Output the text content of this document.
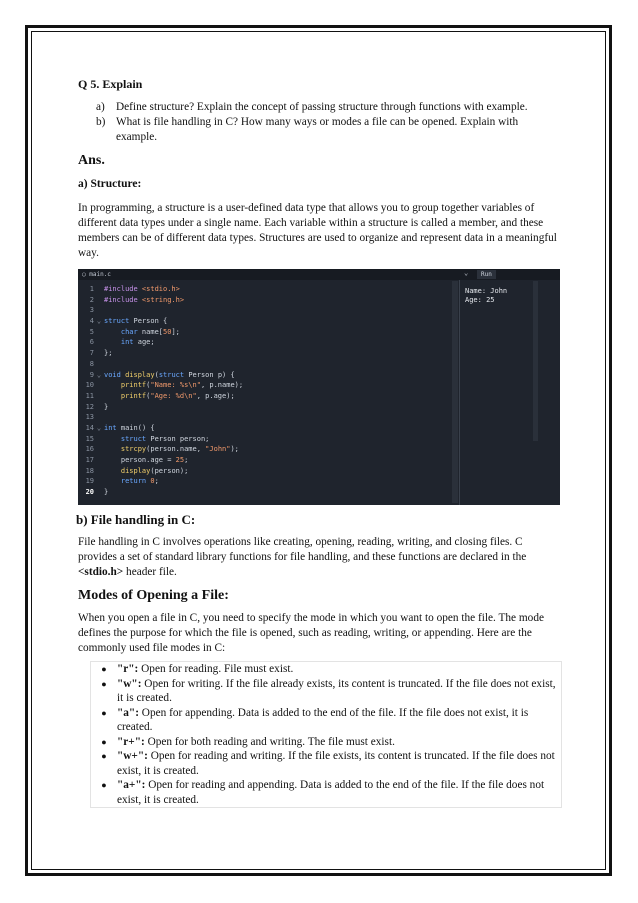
Q 5. Explain
a) Define structure? Explain the concept of passing structure through functions with example.
b) What is file handling in C? How many ways or modes a file can be opened. Explain with example.
Ans.
a) Structure:

In programming, a structure is a user-defined data type that allows you to group together variables of different data types under a single name. Each variable within a structure is called a member, and these members can be of different data types. Structures are used to organize and represent data in a meaningful way.

◯ main.c	⌄	Run
1 #include <stdio.h>
2 #include <string.h>
3
4 ⌄ struct Person {
5	char name[50];
6	int age;
7 };
8
9 ⌄ void display(struct Person p) {
10	printf("Name: %s\n", p.name);
11	printf("Age: %d\n", p.age);
12 }
13
14 ⌄ int main() {
15	struct Person person;
16	strcpy(person.name, "John");
17 person.age = 25;
18	display(person);
19	return 0;
20 }
Name: John
Age: 25
b) File handling in C:

File handling in C involves operations like creating, opening, reading, writing, and closing files. C provides a set of standard library functions for file handling, and these functions are declared in the <stdio.h> header file.

Modes of Opening a File:

When you open a file in C, you need to specify the mode in which you want to open the file. The mode defines the purpose for which the file is opened, such as reading, writing, or appending. Here are the commonly used file modes in C:

● "r": Open for reading. File must exist.
● "w": Open for writing. If the file already exists, its content is truncated. If the file does not exist, it is created.
● "a": Open for appending. Data is added to the end of the file. If the file does not exist, it is created.
● "r+": Open for both reading and writing. The file must exist.
● "w+": Open for reading and writing. If the file exists, its content is truncated. If the file does not exist, it is created.
● "a+": Open for reading and appending. Data is added to the end of the file. If the file does not exist, it is created.
